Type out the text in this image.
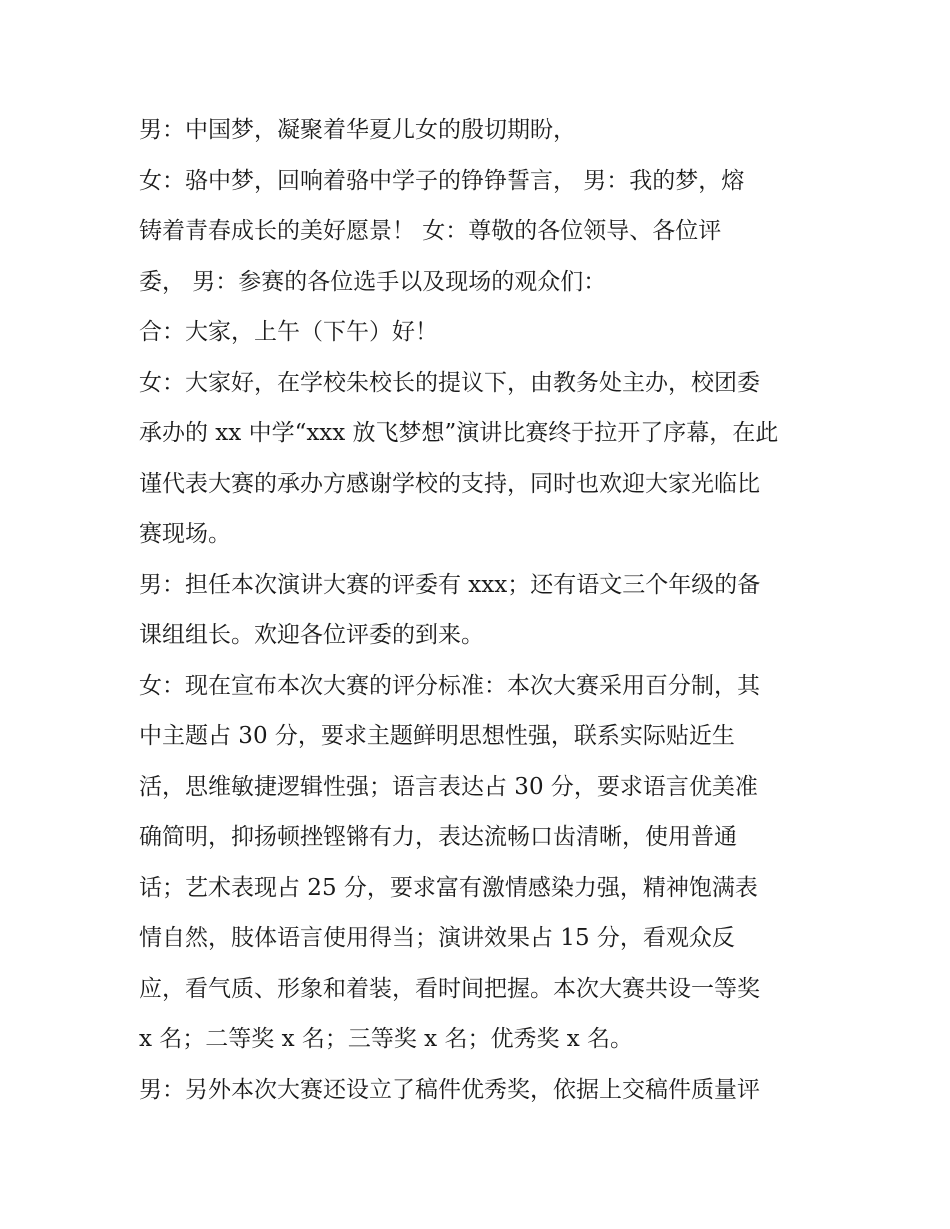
男：中国梦，凝聚着华夏儿女的殷切期盼，
女：骆中梦，回响着骆中学子的铮铮誓言， 男：我的梦，熔
铸着青春成长的美好愿景！ 女：尊敬的各位领导、各位评
委， 男：参赛的各位选手以及现场的观众们：
合：大家，上午（下午）好！
女：大家好，在学校朱校长的提议下，由教务处主办，校团委
承办的 xx 中学“xxx 放飞梦想”演讲比赛终于拉开了序幕，在此
谨代表大赛的承办方感谢学校的支持，同时也欢迎大家光临比
赛现场。
男：担任本次演讲大赛的评委有 xxx；还有语文三个年级的备
课组组长。欢迎各位评委的到来。
女：现在宣布本次大赛的评分标准：本次大赛采用百分制，其
中主题占 30 分，要求主题鲜明思想性强，联系实际贴近生
活，思维敏捷逻辑性强；语言表达占 30 分，要求语言优美准
确简明，抑扬顿挫铿锵有力，表达流畅口齿清晰，使用普通
话；艺术表现占 25 分，要求富有激情感染力强，精神饱满表
情自然，肢体语言使用得当；演讲效果占 15 分，看观众反
应，看气质、形象和着装，看时间把握。本次大赛共设一等奖
x 名；二等奖 x 名；三等奖 x 名；优秀奖 x 名。
男：另外本次大赛还设立了稿件优秀奖，依据上交稿件质量评
